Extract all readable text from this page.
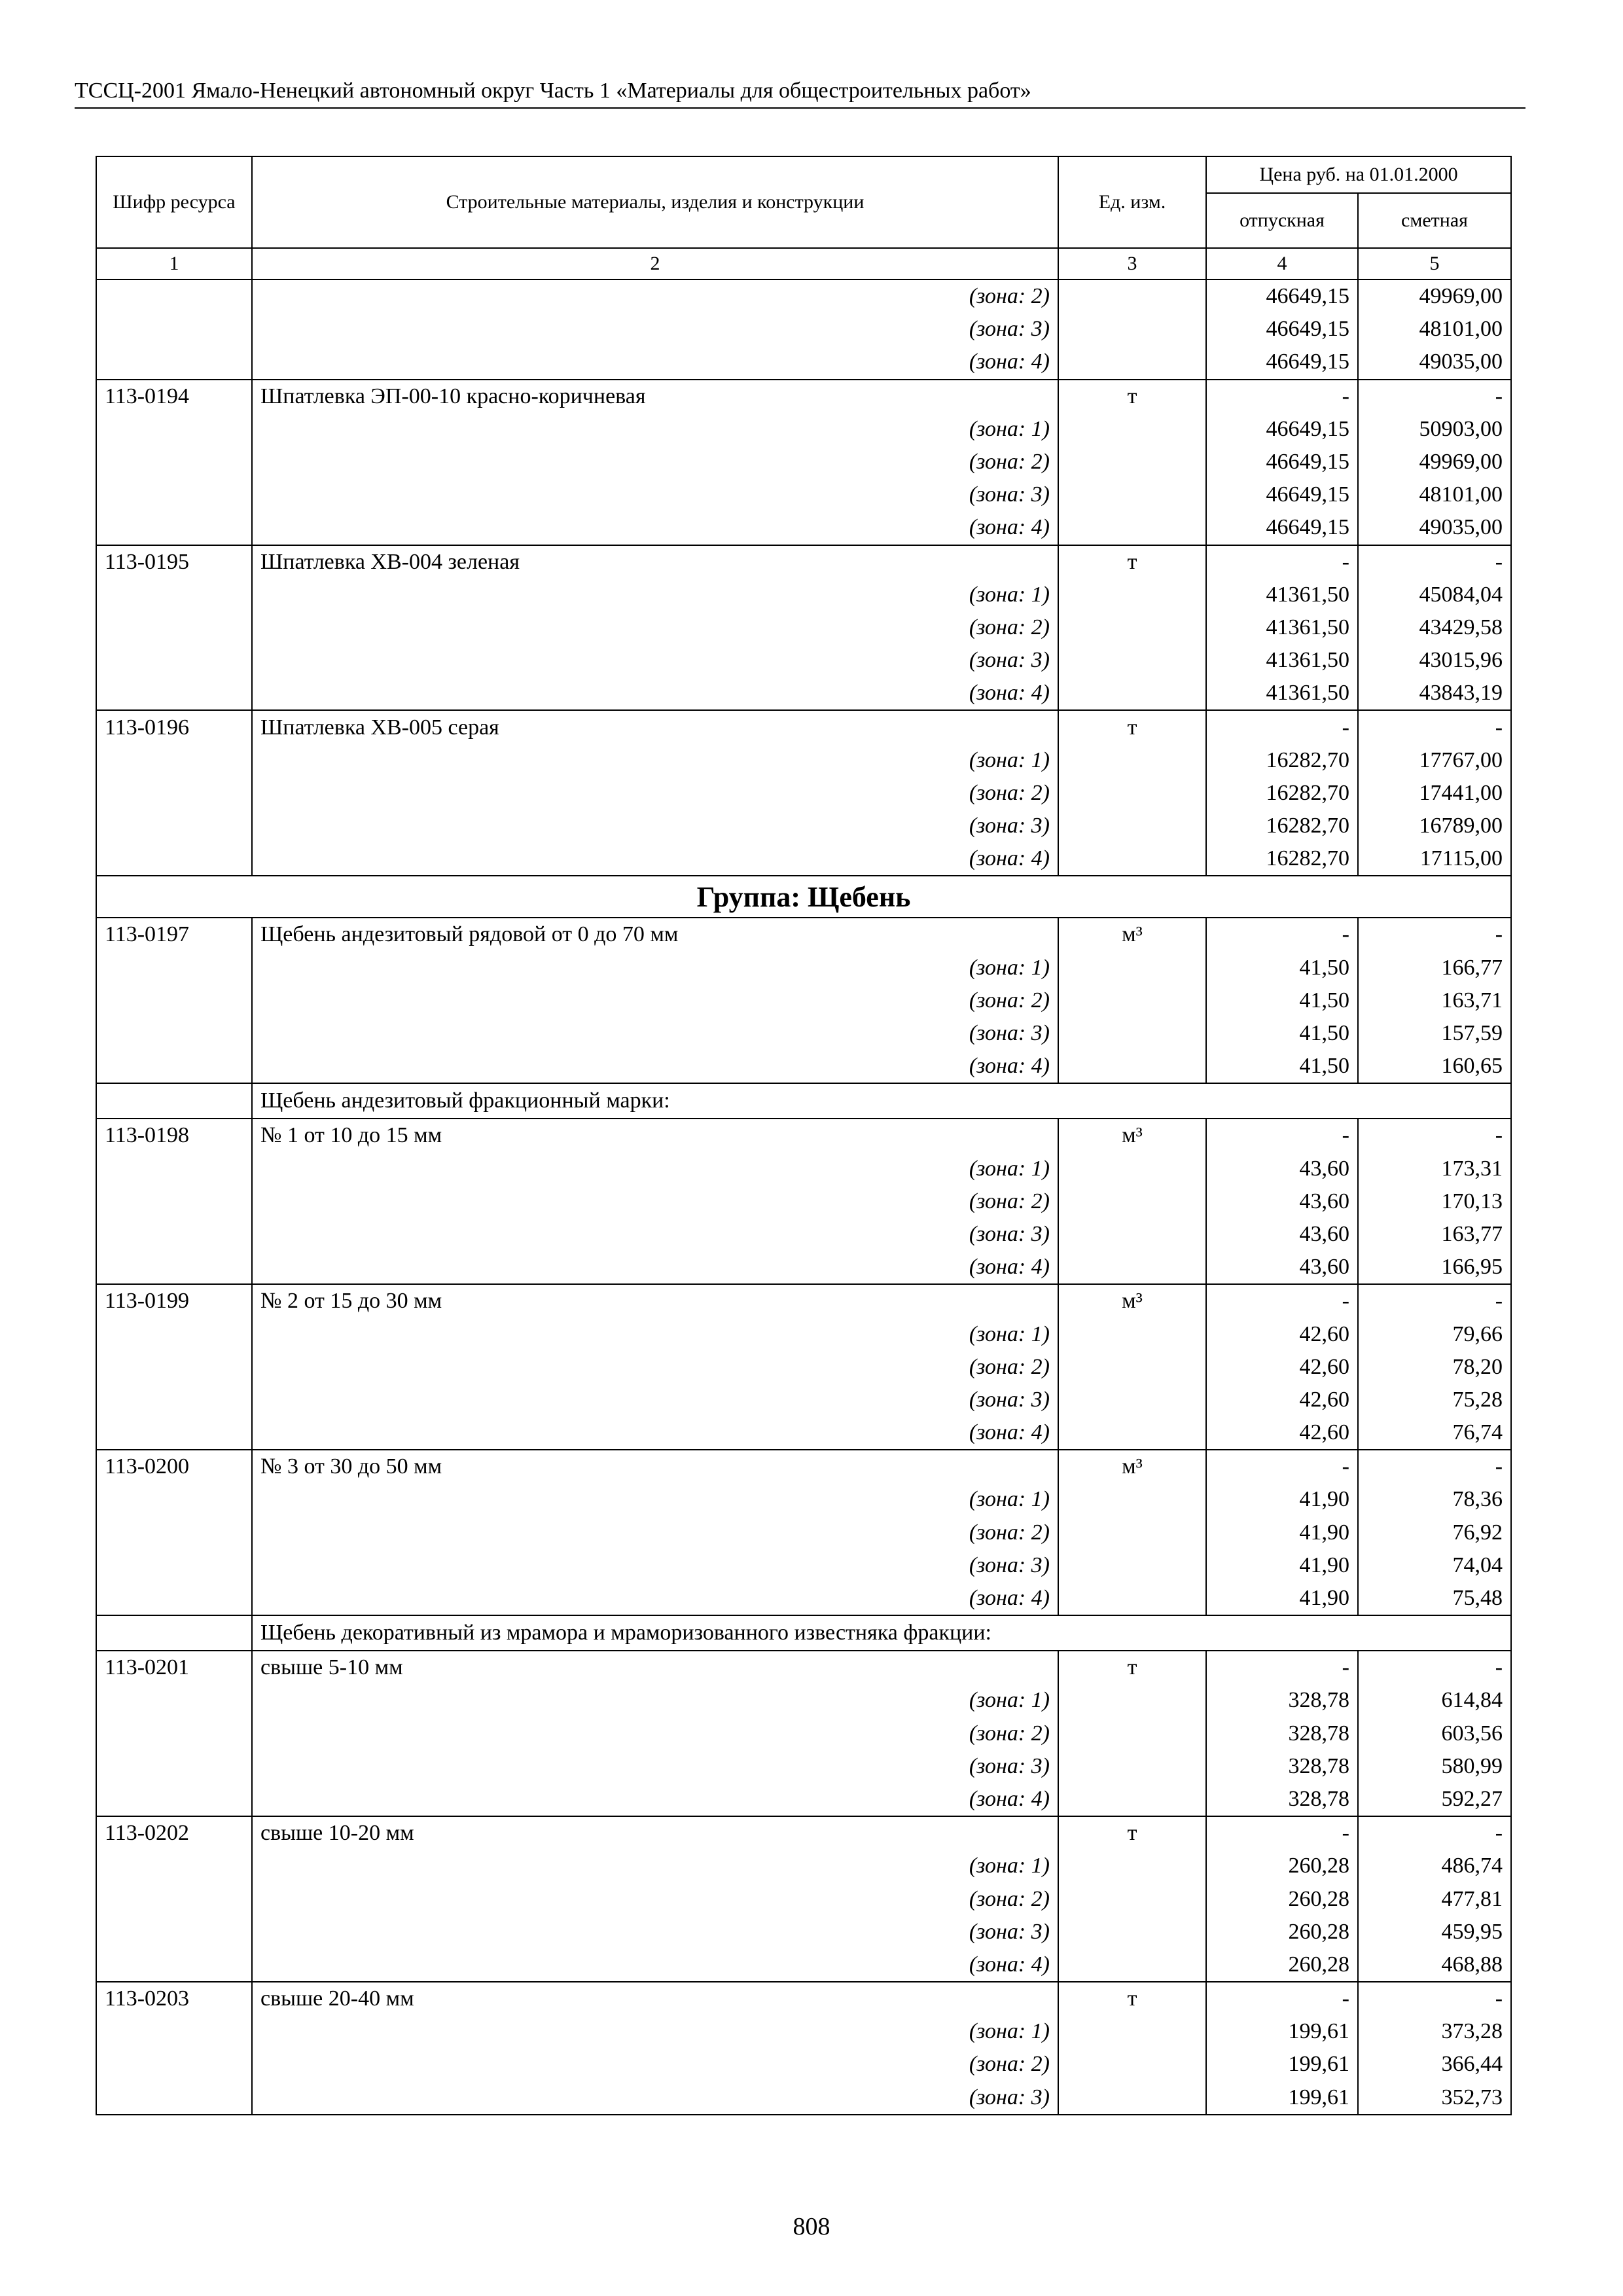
ТССЦ-2001 Ямало-Ненецкий автономный округ Часть 1 «Материалы для общестроительных работ»
Шифр ресурса	Строительные материалы, изделия и конструкции	Ед. изм.	Цена руб. на 01.01.2000	
			отпускная	сметная
1	2	3	4	5
	(зона: 2)		46649,15	49969,00
	(зона: 3)		46649,15	48101,00
	(зона: 4)		46649,15	49035,00
113-0194	Шпатлевка ЭП-00-10 красно-коричневая	т	-	-
	(зона: 1)		46649,15	50903,00
	(зона: 2)		46649,15	49969,00
	(зона: 3)		46649,15	48101,00
	(зона: 4)		46649,15	49035,00
113-0195	Шпатлевка ХВ-004 зеленая	т	-	-
	(зона: 1)		41361,50	45084,04
	(зона: 2)		41361,50	43429,58
	(зона: 3)		41361,50	43015,96
	(зона: 4)		41361,50	43843,19
113-0196	Шпатлевка ХВ-005 серая	т	-	-
	(зона: 1)		16282,70	17767,00
	(зона: 2)		16282,70	17441,00
	(зона: 3)		16282,70	16789,00
	(зона: 4)		16282,70	17115,00
Группа: Щебень				
113-0197	Щебень андезитовый рядовой от 0 до 70 мм	м³	-	-
	(зона: 1)		41,50	166,77
	(зона: 2)		41,50	163,71
	(зона: 3)		41,50	157,59
	(зона: 4)		41,50	160,65
	Щебень андезитовый фракционный марки:			
113-0198	№ 1 от 10 до 15 мм	м³	-	-
	(зона: 1)		43,60	173,31
	(зона: 2)		43,60	170,13
	(зона: 3)		43,60	163,77
	(зона: 4)		43,60	166,95
113-0199	№ 2 от 15 до 30 мм	м³	-	-
	(зона: 1)		42,60	79,66
	(зона: 2)		42,60	78,20
	(зона: 3)		42,60	75,28
	(зона: 4)		42,60	76,74
113-0200	№ 3 от 30 до 50 мм	м³	-	-
	(зона: 1)		41,90	78,36
	(зона: 2)		41,90	76,92
	(зона: 3)		41,90	74,04
	(зона: 4)		41,90	75,48
	Щебень декоративный из мрамора и мраморизованного известняка фракции:			
113-0201	свыше 5-10 мм	т	-	-
	(зона: 1)		328,78	614,84
	(зона: 2)		328,78	603,56
	(зона: 3)		328,78	580,99
	(зона: 4)		328,78	592,27
113-0202	свыше 10-20 мм	т	-	-
	(зона: 1)		260,28	486,74
	(зона: 2)		260,28	477,81
	(зона: 3)		260,28	459,95
	(зона: 4)		260,28	468,88
113-0203	свыше 20-40 мм	т	-	-
	(зона: 1)		199,61	373,28
	(зона: 2)		199,61	366,44
	(зона: 3)		199,61	352,73

808
